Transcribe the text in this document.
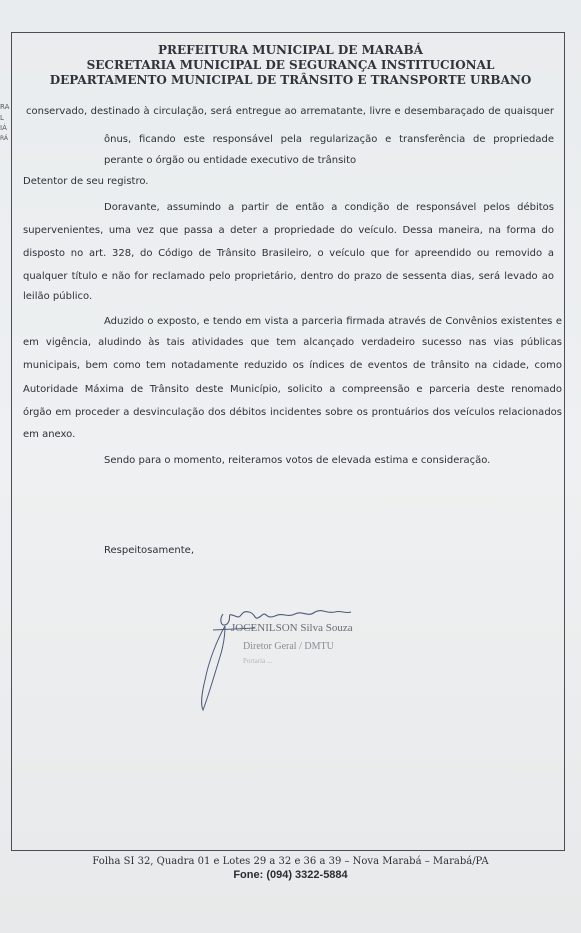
PREFEITURA MUNICIPAL DE MARABÁ
SECRETARIA MUNICIPAL DE SEGURANÇA INSTITUCIONAL
DEPARTAMENTO MUNICIPAL DE TRÂNSITO E TRANSPORTE URBANO
RA
L
IÁ
RÁ
conservado, destinado à circulação, será entregue ao arrematante, livre e desembaraçado de quaisquer
ônus, ficando este responsável pela regularização e transferência de propriedade
perante o órgão ou entidade executivo de trânsito
Detentor de seu registro.
Doravante, assumindo a partir de então a condição de responsável pelos débitos
supervenientes, uma vez que passa a deter a propriedade do veículo. Dessa maneira, na forma do
disposto no art. 328, do Código de Trânsito Brasileiro, o veículo que for apreendido ou removido a
qualquer título e não for reclamado pelo proprietário, dentro do prazo de sessenta dias, será levado ao
leilão público.
Aduzido o exposto, e tendo em vista a parceria firmada através de Convênios existentes e
em vigência, aludindo às tais atividades que tem alcançado verdadeiro sucesso nas vias públicas
municipais, bem como tem notadamente reduzido os índices de eventos de trânsito na cidade, como
Autoridade Máxima de Trânsito deste Município, solicito a compreensão e parceria deste renomado
órgão em proceder a desvinculação dos débitos incidentes sobre os prontuários dos veículos relacionados
em anexo.
Sendo para o momento, reiteramos votos de elevada estima e consideração.
Respeitosamente,
JOCENILSON Silva Souza
Diretor Geral / DMTU
Portaria ...
Folha SI 32, Quadra 01 e Lotes 29 a 32 e 36 a 39 – Nova Marabá – Marabá/PA
Fone: (094) 3322-5884
